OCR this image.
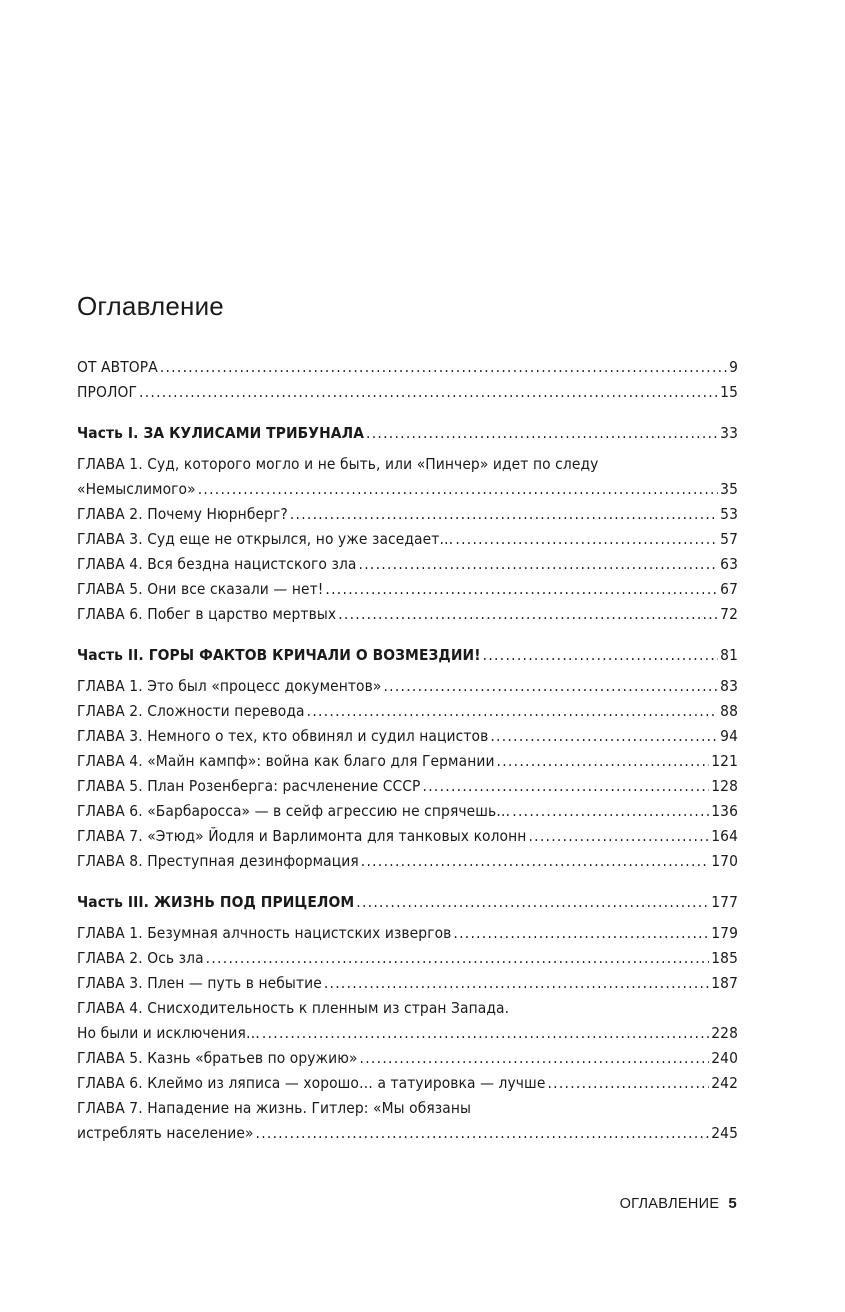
Оглавление
ОТ АВТОРА . . .	9
ПРОЛОГ . . .	15
Часть I. ЗА КУЛИСАМИ ТРИБУНАЛА . . .	33
ГЛАВА 1. Суд, которого могло и не быть, или «Пинчер» идет по следу
«Немыслимого» . . .	35
ГЛАВА 2. Почему Нюрнберг? . . .	53
ГЛАВА 3. Суд еще не открылся, но уже заседает… . . .	57
ГЛАВА 4. Вся бездна нацистского зла . . .	63
ГЛАВА 5. Они все сказали — нет! . . .	67
ГЛАВА 6. Побег в царство мертвых . . .	72
Часть II. ГОРЫ ФАКТОВ КРИЧАЛИ О ВОЗМЕЗДИИ! . . .	81
ГЛАВА 1. Это был «процесс документов» . . .	83
ГЛАВА 2. Сложности перевода . . .	88
ГЛАВА 3. Немного о тех, кто обвинял и судил нацистов . . .	94
ГЛАВА 4. «Майн кампф»: война как благо для Германии . . .	121
ГЛАВА 5. План Розенберга: расчленение СССР . . .	128
ГЛАВА 6. «Барбаросса» — в сейф агрессию не спрячешь… . . .	136
ГЛАВА 7. «Этюд» Йодля и Варлимонта для танковых колонн . . .	164
ГЛАВА 8. Преступная дезинформация . . .	170
Часть III. ЖИЗНЬ ПОД ПРИЦЕЛОМ . . .	177
ГЛАВА 1. Безумная алчность нацистских извергов . . .	179
ГЛАВА 2. Ось зла . . .	185
ГЛАВА 3. Плен — путь в небытие . . .	187
ГЛАВА 4. Снисходительность к пленным из стран Запада.
Но были и исключения… . . .	228
ГЛАВА 5. Казнь «братьев по оружию» . . .	240
ГЛАВА 6. Клеймо из ляписа — хорошо… а татуировка — лучше . . .	242
ГЛАВА 7. Нападение на жизнь. Гитлер: «Мы обязаны
истреблять население» . . .	245
ОГЛАВЛЕНИЕ 5
